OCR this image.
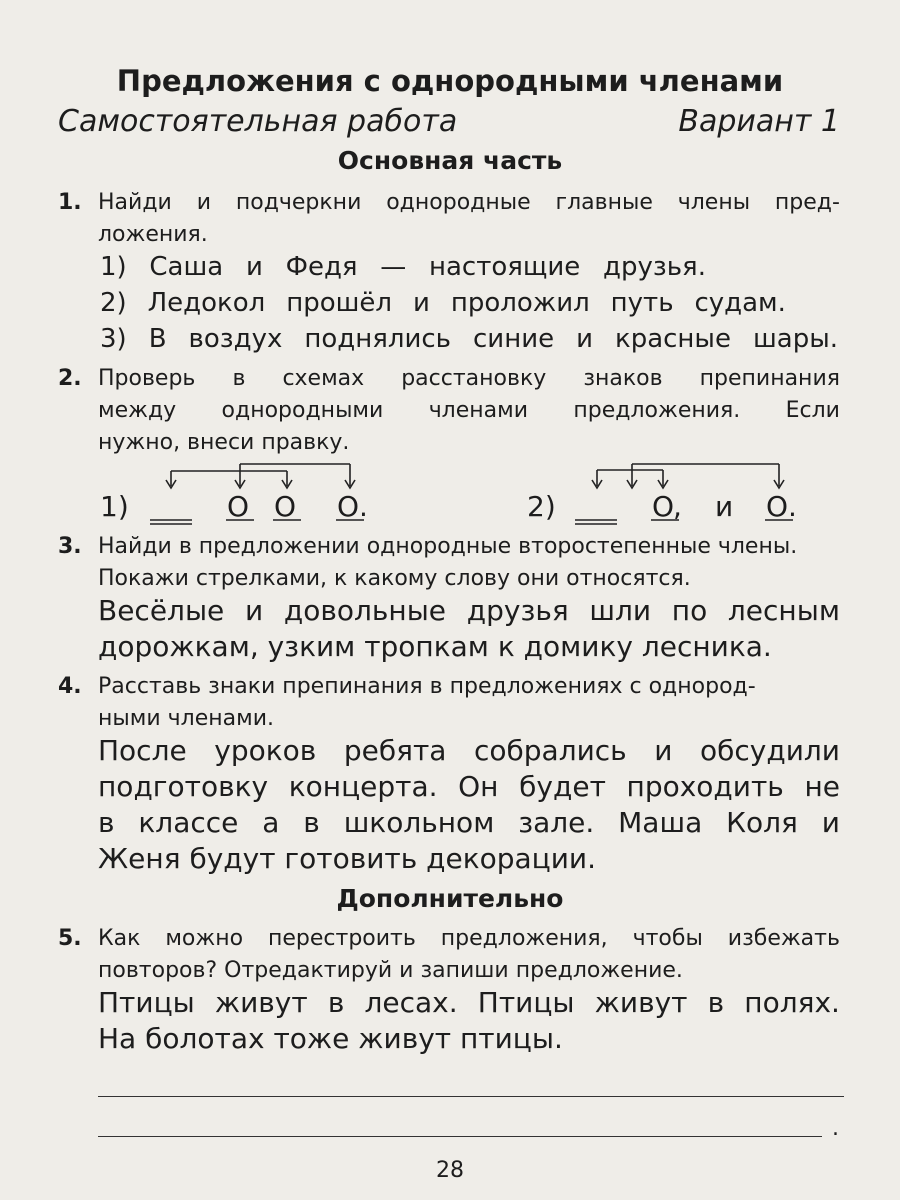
Предложения с однородными членами
Самостоятельная работа	Вариант 1
Основная часть
1. Найди и подчеркни однородные главные члены пред-
ложения.
1) Саша и Федя — настоящие друзья.
2) Ледокол прошёл и проложил путь судам.
3) В воздух поднялись синие и красные шары.
2. Проверь в схемах расстановку знаков препинания
между однородными членами предложения. Если
нужно, внеси правку.
1)	О О О .	2)	О
, и О .
3. Найди в предложении однородные второстепенные члены.
Покажи стрелками, к какому слову они относятся.
Весёлые и довольные друзья шли по лесным
дорожкам, узким тропкам к домику лесника.
4. Расставь знаки препинания в предложениях с однород-
ными членами.
После уроков ребята собрались и обсудили
подготовку концерта. Он будет проходить не
в классе а в школьном зале. Маша Коля и
Женя будут готовить декорации.
Дополнительно
5. Как можно перестроить предложения, чтобы избежать
повторов? Отредактируй и запиши предложение.
Птицы живут в лесах. Птицы живут в полях.
На болотах тоже живут птицы.
.
28
